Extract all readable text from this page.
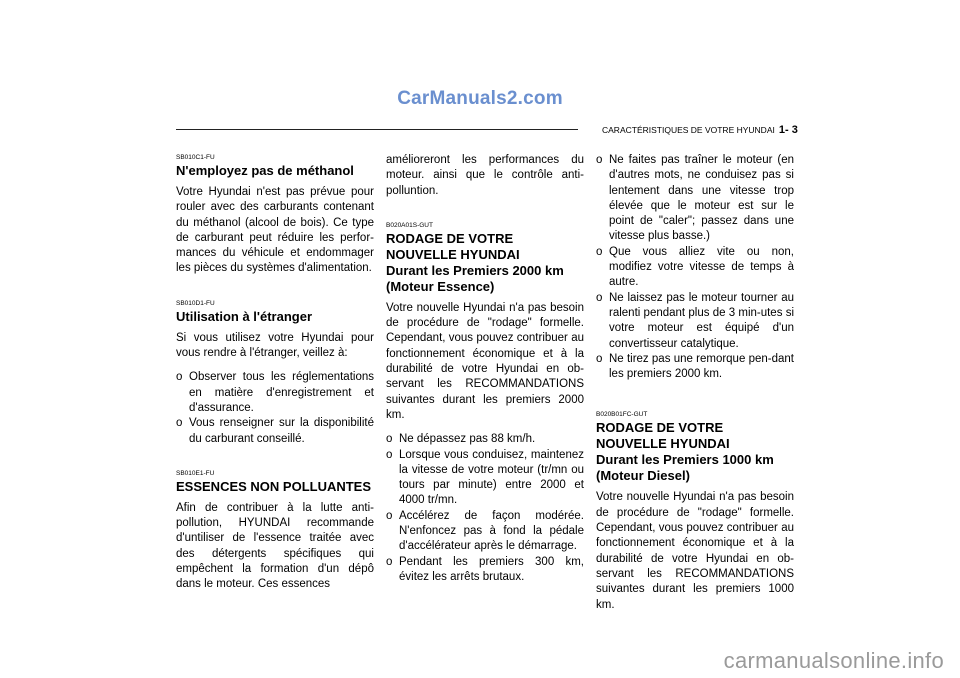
CarManuals2.com
CARACTÉRISTIQUES DE VOTRE HYUNDAI 1- 3
SB010C1-FU
N'employez pas de méthanol

Votre Hyundai n'est pas prévue pour rouler avec des carburants contenant du méthanol (alcool de bois). Ce type de carburant peut réduire les perfor-mances du véhicule et endommager les pièces du systèmes d'alimentation.

SB010D1-FU
Utilisation à l'étranger

Si vous utilisez votre Hyundai pour vous rendre à l'étranger, veillez à:

o Observer tous les réglementations en matière d'enregistrement et d'assurance.
o Vous renseigner sur la disponibilité du carburant conseillé.
SB010E1-FU
ESSENCES NON POLLUANTES

Afin de contribuer à la lutte anti-pollution, HYUNDAI recommande d'untiliser de l'essence traitée avec des détergents spécifiques qui empêchent la formation d'un dépô dans le moteur. Ces essences

amélioreront les performances du moteur. ainsi que le contrôle anti-polluntion.

B020A01S-GUT
RODAGE DE VOTRE NOUVELLE HYUNDAI
Durant les Premiers 2000 km (Moteur Essence)

Votre nouvelle Hyundai n'a pas besoin de procédure de "rodage" formelle. Cependant, vous pouvez contribuer au fonctionnement économique et à la durabilité de votre Hyundai en ob-servant les RECOMMANDATIONS suivantes durant les premiers 2000 km.

o Ne dépassez pas 88 km/h.
o Lorsque vous conduisez, maintenez la vitesse de votre moteur (tr/mn ou tours par minute) entre 2000 et 4000 tr/mn.
o Accélérez de façon modérée. N'enfoncez pas à fond la pédale d'accélérateur après le démarrage.
o Pendant les premiers 300 km, évitez les arrêts brutaux.
o Ne faites pas traîner le moteur (en d'autres mots, ne conduisez pas si lentement dans une vitesse trop élevée que le moteur est sur le point de "caler"; passez dans une vitesse plus basse.)
o Que vous alliez vite ou non, modifiez votre vitesse de temps à autre.
o Ne laissez pas le moteur tourner au ralenti pendant plus de 3 min-utes si votre moteur est équipé d'un convertisseur catalytique.
o Ne tirez pas une remorque pen-dant les premiers 2000 km.
B020B01FC-GUT
RODAGE DE VOTRE NOUVELLE HYUNDAI
Durant les Premiers 1000 km (Moteur Diesel)

Votre nouvelle Hyundai n'a pas besoin de procédure de "rodage" formelle. Cependant, vous pouvez contribuer au fonctionnement économique et à la durabilité de votre Hyundai en ob-servant les RECOMMANDATIONS suivantes durant les premiers 1000 km.

carmanualsonline.info
